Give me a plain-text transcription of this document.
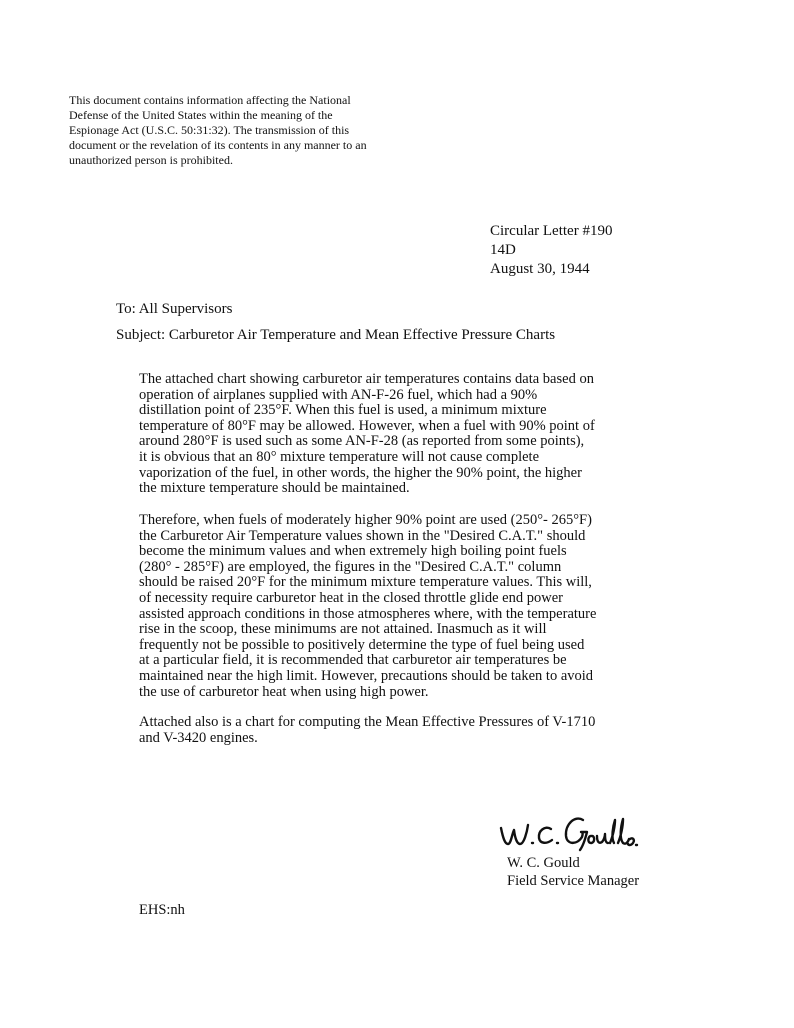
This document contains information affecting the National
Defense of the United States within the meaning of the
Espionage Act (U.S.C. 50:31:32). The transmission of this
document or the revelation of its contents in any manner to an
unauthorized person is prohibited.
Circular Letter #190
14D
August 30, 1944
To: All Supervisors
Subject: Carburetor Air Temperature and Mean Effective Pressure Charts
The attached chart showing carburetor air temperatures contains data based on
operation of airplanes supplied with AN-F-26 fuel, which had a 90%
distillation point of 235°F. When this fuel is used, a minimum mixture
temperature of 80°F may be allowed. However, when a fuel with 90% point of
around 280°F is used such as some AN-F-28 (as reported from some points),
it is obvious that an 80° mixture temperature will not cause complete
vaporization of the fuel, in other words, the higher the 90% point, the higher
the mixture temperature should be maintained.
Therefore, when fuels of moderately higher 90% point are used (250°- 265°F)
the Carburetor Air Temperature values shown in the "Desired C.A.T." should
become the minimum values and when extremely high boiling point fuels
(280° - 285°F) are employed, the figures in the "Desired C.A.T." column
should be raised 20°F for the minimum mixture temperature values. This will,
of necessity require carburetor heat in the closed throttle glide end power
assisted approach conditions in those atmospheres where, with the temperature
rise in the scoop, these minimums are not attained. Inasmuch as it will
frequently not be possible to positively determine the type of fuel being used
at a particular field, it is recommended that carburetor air temperatures be
maintained near the high limit. However, precautions should be taken to avoid
the use of carburetor heat when using high power.
Attached also is a chart for computing the Mean Effective Pressures of V-1710
and V-3420 engines.
W. C. Gould
Field Service Manager
EHS:nh
